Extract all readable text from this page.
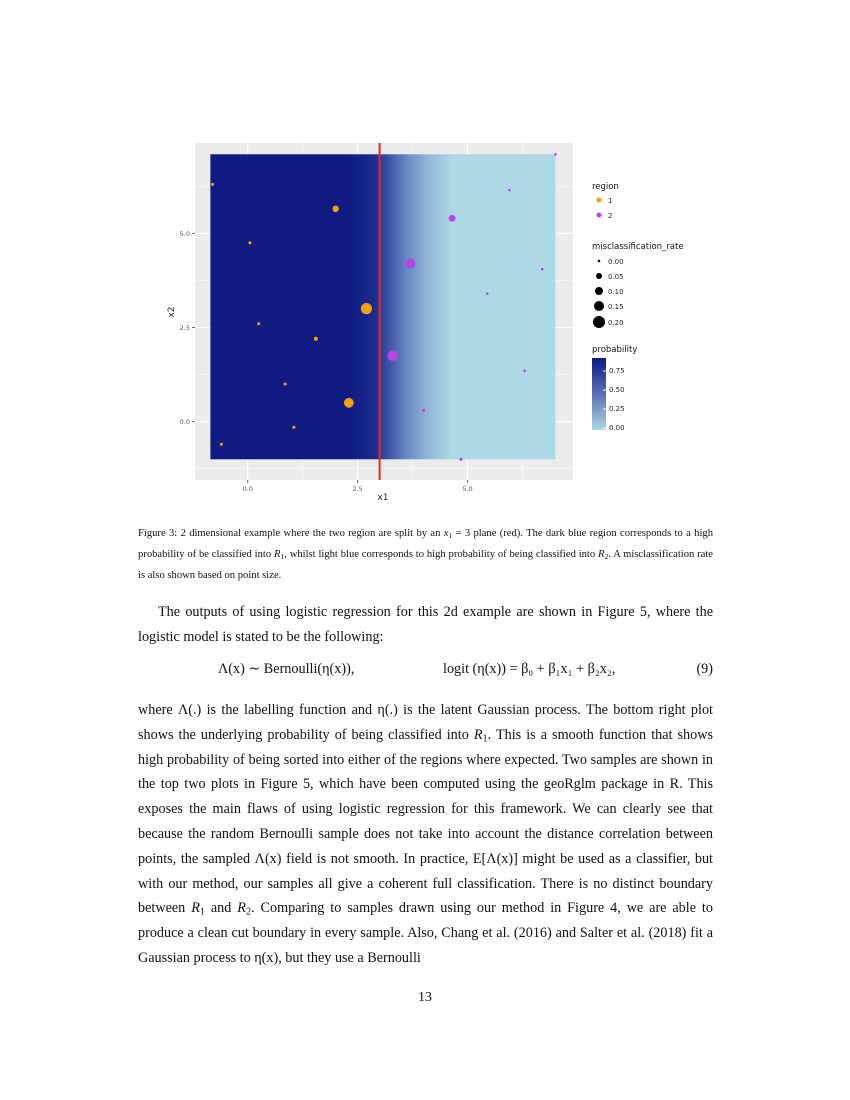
0.0	2.5	5.0
0.0
2.5
5.0
x1
x2
region
1
2
misclassification_rate
0.00
0.05
0.10
0.15
0.20
probability
0.75
0.50
0.25
0.00
Figure 3: 2 dimensional example where the two region are split by an $x_1 = 3$ plane (red). The dark blue region corresponds to a high probability of be classified into $R_1$, whilst light blue corresponds to high probability of being classified into $R_2$. A misclassification rate is also shown based on point size.
The outputs of using logistic regression for this 2d example are shown in Figure 5, where the logistic model is stated to be the following:
Λ(x) ∼ Bernoulli(η(x)),	logit (η(x)) = β₀ + β₁x₁ + β₂x₂,	(9)
where Λ(.) is the labelling function and η(.) is the latent Gaussian process. The bottom right plot shows the underlying probability of being classified into $R_1$. This is a smooth function that shows high probability of being sorted into either of the regions where expected. Two samples are shown in the top two plots in Figure 5, which have been computed using the geoRglm package in R. This exposes the main flaws of using logistic regression for this framework. We can clearly see that because the random Bernoulli sample does not take into account the distance correlation between points, the sampled Λ(x) field is not smooth. In practice, E[Λ(x)] might be used as a classifier, but with our method, our samples all give a coherent full classification. There is no distinct boundary between $R_1$ and $R_2$. Comparing to samples drawn using our method in Figure 4, we are able to produce a clean cut boundary in every sample. Also, Chang et al. (2016) and Salter et al. (2018) fit a Gaussian process to η(x), but they use a Bernoulli
13
